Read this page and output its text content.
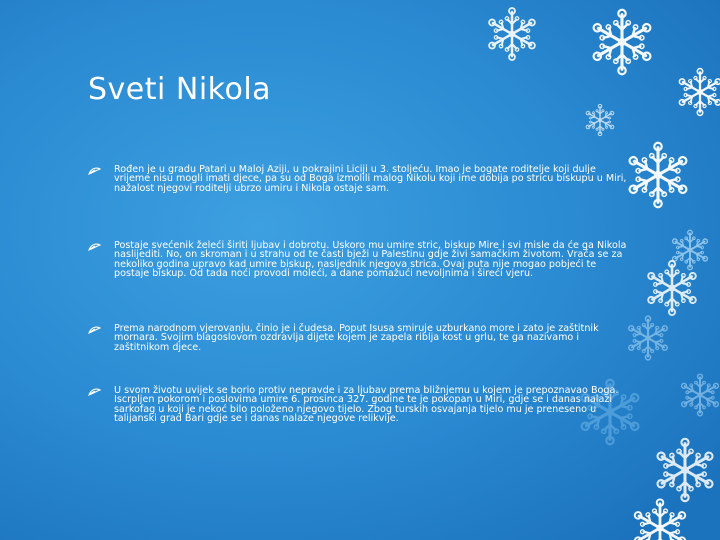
Sveti Nikola
Rođen je u gradu Patari u Maloj Aziji, u pokrajini Liciji u 3. stoljeću. Imao je bogate roditelje koji dulje vrijeme nisu mogli imati djece, pa su od Boga izmolili malog Nikolu koji ime dobija po stricu biskupu u Miri, nažalost njegovi roditelji ubrzo umiru i Nikola ostaje sam.
Postaje svećenik želeći širiti ljubav i dobrotu. Uskoro mu umire stric, biskup Mire i svi misle da će ga Nikola naslijediti. No, on skroman i u strahu od te časti bježi u Palestinu gdje živi samačkim životom. Vraća se za nekoliko godina upravo kad umire biskup, nasljednik njegova strica. Ovaj puta nije mogao pobjeći te postaje biskup. Od tada noći provodi moleći, a dane pomažući nevoljnima i šireći vjeru.
Prema narodnom vjerovanju, činio je i čudesa. Poput Isusa smiruje uzburkano more i zato je zaštitnik mornara. Svojim blagoslovom ozdravlja dijete kojem je zapela riblja kost u grlu, te ga nazivamo i zaštitnikom djece.
U svom životu uvijek se borio protiv nepravde i za ljubav prema bližnjemu u kojem je prepoznavao Boga. Iscrpljen pokorom i poslovima umire 6. prosinca 327. godine te je pokopan u Miri, gdje se i danas nalazi sarkofag u koji je nekoć bilo položeno njegovo tijelo. Zbog turskih osvajanja tijelo mu je preneseno u talijanski grad Bari gdje se i danas nalaze njegove relikvije.
